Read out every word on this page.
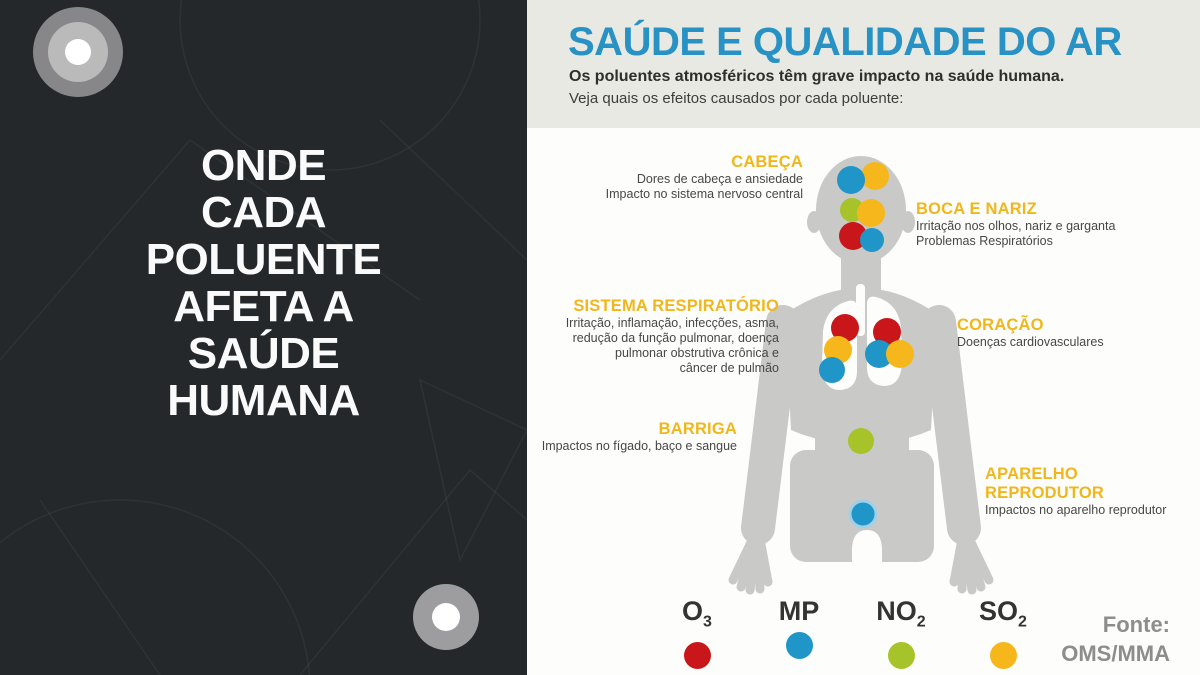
ONDE
CADA
POLUENTE
AFETA A
SAÚDE
HUMANA
SAÚDE E QUALIDADE DO AR
Os poluentes atmosféricos têm grave impacto na saúde humana.
Veja quais os efeitos causados por cada poluente:
CABEÇA
Dores de cabeça e ansiedade
Impacto no sistema nervoso central
BOCA E NARIZ
Irritação nos olhos, nariz e garganta
Problemas Respiratórios
SISTEMA RESPIRATÓRIO
Irritação, inflamação, infecções, asma,
redução da função pulmonar, doença
pulmonar obstrutiva crônica e
câncer de pulmão
CORAÇÃO
Doenças cardiovasculares
BARRIGA
Impactos no fígado, baço e sangue
APARELHO REPRODUTOR
Impactos no aparelho reprodutor
$O_3$ MP $NO_2$ $SO_2$	Fonte:
OMS/MMA
